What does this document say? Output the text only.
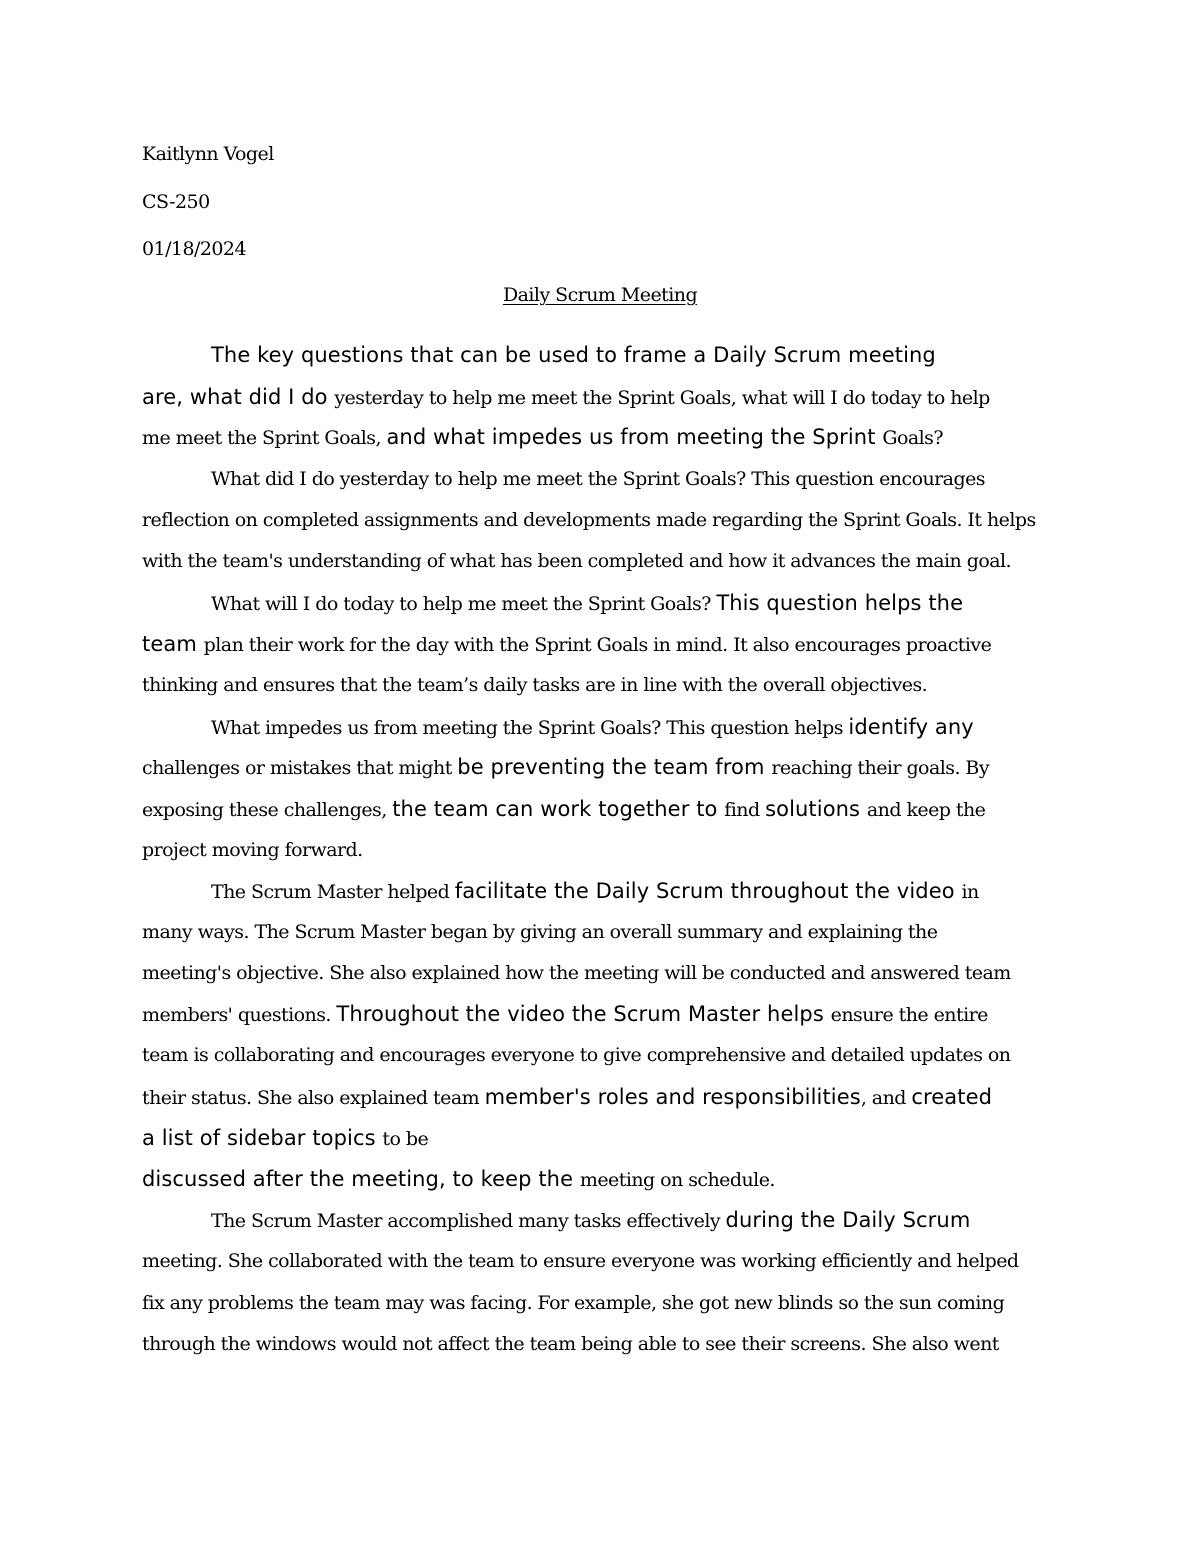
Kaitlynn Vogel
CS-250
01/18/2024
Daily Scrum Meeting
The key questions that can be used to frame a Daily Scrum meeting
are, what did I do yesterday to help me meet the Sprint Goals, what will I do today to help
me meet the Sprint Goals, and what impedes us from meeting the Sprint Goals?
What did I do yesterday to help me meet the Sprint Goals? This question encourages
reflection on completed assignments and developments made regarding the Sprint Goals. It helps
with the team's understanding of what has been completed and how it advances the main goal.
What will I do today to help me meet the Sprint Goals? This question helps the
team plan their work for the day with the Sprint Goals in mind. It also encourages proactive
thinking and ensures that the team’s daily tasks are in line with the overall objectives.
What impedes us from meeting the Sprint Goals? This question helps identify any
challenges or mistakes that might be preventing the team from reaching their goals. By
exposing these challenges, the team can work together to find solutions and keep the
project moving forward.
The Scrum Master helped facilitate the Daily Scrum throughout the video in
many ways. The Scrum Master began by giving an overall summary and explaining the
meeting's objective. She also explained how the meeting will be conducted and answered team
members' questions. Throughout the video the Scrum Master helps ensure the entire
team is collaborating and encourages everyone to give comprehensive and detailed updates on
their status. She also explained team member's roles and responsibilities, and created
a list of sidebar topics to be
discussed after the meeting, to keep the meeting on schedule.
The Scrum Master accomplished many tasks effectively during the Daily Scrum
meeting. She collaborated with the team to ensure everyone was working efficiently and helped
fix any problems the team may was facing. For example, she got new blinds so the sun coming
through the windows would not affect the team being able to see their screens. She also went
